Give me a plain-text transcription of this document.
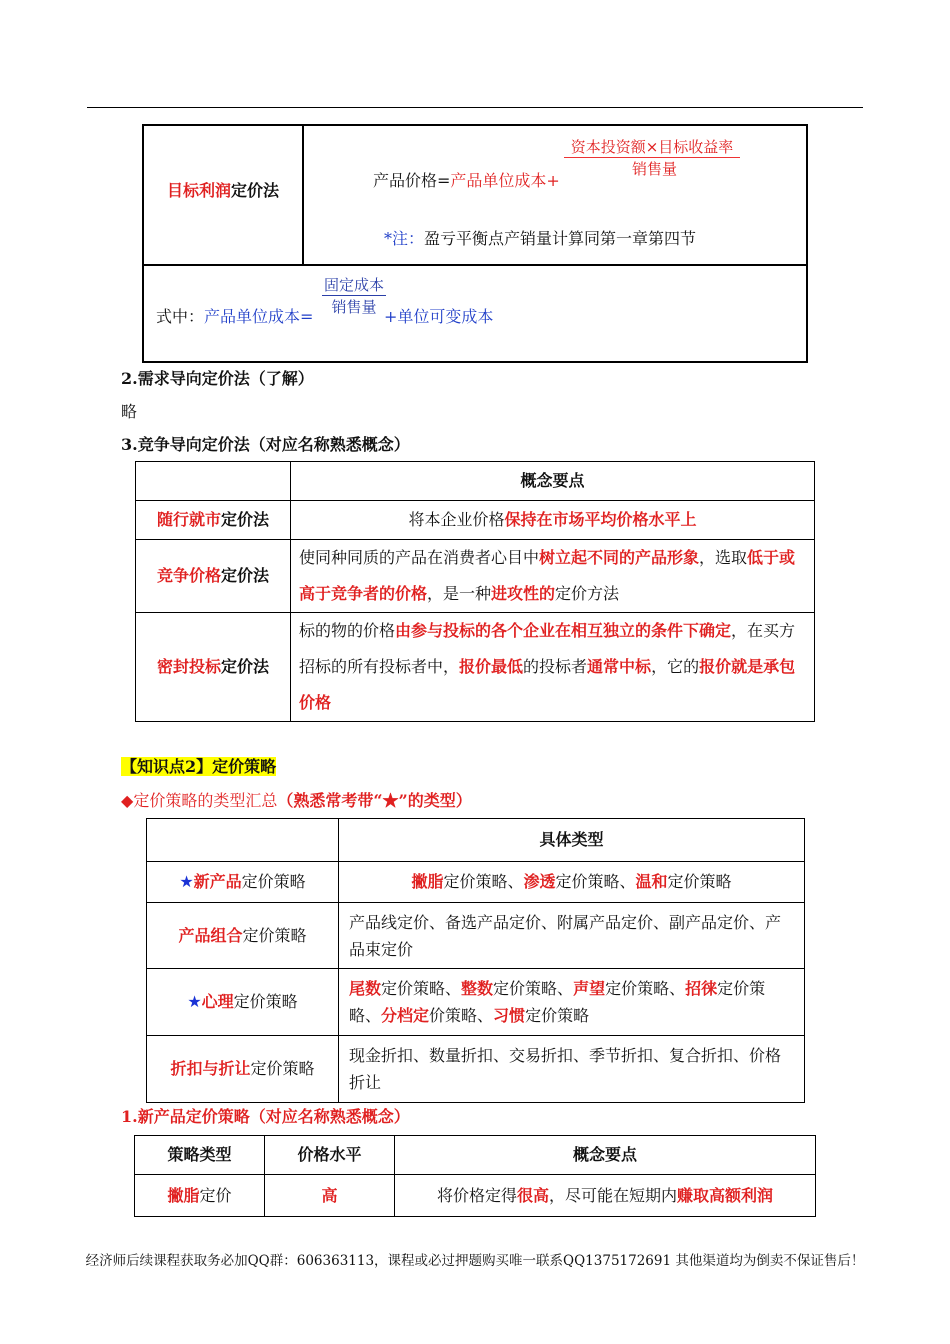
目标利润定价法
产品价格=产品单位成本+
资本投资额×目标收益率
销售量
*注：盈亏平衡点产销量计算同第一章第四节
式中：产品单位成本=
固定成本
销售量 +单位可变成本
2.需求导向定价法（了解）
略
3.竞争导向定价法（对应名称熟悉概念）
	概念要点
随行就市定价法	将本企业价格保持在市场平均价格水平上
竞争价格定价法	使同种同质的产品在消费者心目中树立起不同的产品形象，选取低于或高于竞争者的价格，是一种进攻性的定价方法
密封投标定价法	标的物的价格由参与投标的各个企业在相互独立的条件下确定，在买方招标的所有投标者中，报价最低的投标者通常中标，它的报价就是承包价格
【知识点2】定价策略
◆定价策略的类型汇总（熟悉常考带“★”的类型）
	具体类型
★新产品定价策略	撇脂定价策略、渗透定价策略、温和定价策略
产品组合定价策略	产品线定价、备选产品定价、附属产品定价、副产品定价、产品束定价
★心理定价策略	尾数定价策略、整数定价策略、声望定价策略、招徕定价策略、分档定价策略、习惯定价策略
折扣与折让定价策略	现金折扣、数量折扣、交易折扣、季节折扣、复合折扣、价格折让
1.新产品定价策略（对应名称熟悉概念）
策略类型	价格水平	概念要点
撇脂定价	高	将价格定得很高，尽可能在短期内赚取高额利润
经济师后续课程获取务必加QQ群：606363113，课程或必过押题购买唯一联系QQ1375172691 其他渠道均为倒卖不保证售后！
